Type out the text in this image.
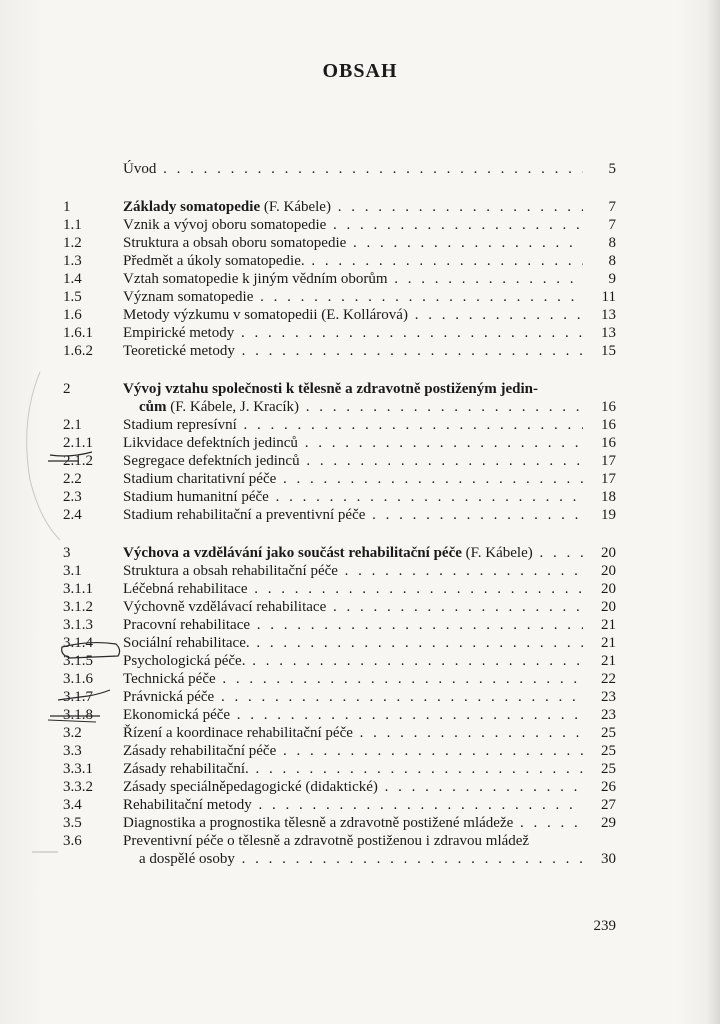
OBSAH
Úvod . . .	5
1	Základy somatopedie (F. Kábele) . . .	7
1.1	Vznik a vývoj oboru somatopedie . . .	7
1.2	Struktura a obsah oboru somatopedie . . .	8
1.3	Předmět a úkoly somatopedie. . . .	8
1.4	Vztah somatopedie k jiným vědním oborům . . .	9
1.5	Význam somatopedie . . .	11
1.6	Metody výzkumu v somatopedii (E. Kollárová) . . .	13
1.6.1 Empirické metody . . .	13
1.6.2 Teoretické metody . . .	15
2	Vývoj vztahu společnosti k tělesně a zdravotně postiženým jedin-
cům (F. Kábele, J. Kracík) . . .	16
2.1	Stadium represívní . . .	16
2.1.1 Likvidace defektních jedinců . . .	16
2.1.2 Segregace defektních jedinců . . .	17
2.2	Stadium charitativní péče . . .	17
2.3	Stadium humanitní péče . . .	18
2.4	Stadium rehabilitační a preventivní péče . . .	19
3	Výchova a vzdělávání jako součást rehabilitační péče (F. Kábele) . . .	20
3.1	Struktura a obsah rehabilitační péče . . .	20
3.1.1 Léčebná rehabilitace . . .	20
3.1.2 Výchovně vzdělávací rehabilitace . . .	20
3.1.3 Pracovní rehabilitace . . .	21
3.1.4 Sociální rehabilitace. . . .	21
3.1.5 Psychologická péče. . . .	21
3.1.6 Technická péče . . .	22
3.1.7 Právnická péče . . .	23
3.1.8 Ekonomická péče . . .	23
3.2	Řízení a koordinace rehabilitační péče . . .	25
3.3	Zásady rehabilitační péče . . .	25
3.3.1 Zásady rehabilitační. . . .	25
3.3.2 Zásady speciálněpedagogické (didaktické) . . .	26
3.4	Rehabilitační metody . . .	27
3.5	Diagnostika a prognostika tělesně a zdravotně postižené mládeže . . .	29
3.6	Preventivní péče o tělesně a zdravotně postiženou i zdravou mládež
a dospělé osoby . . .	30
239
